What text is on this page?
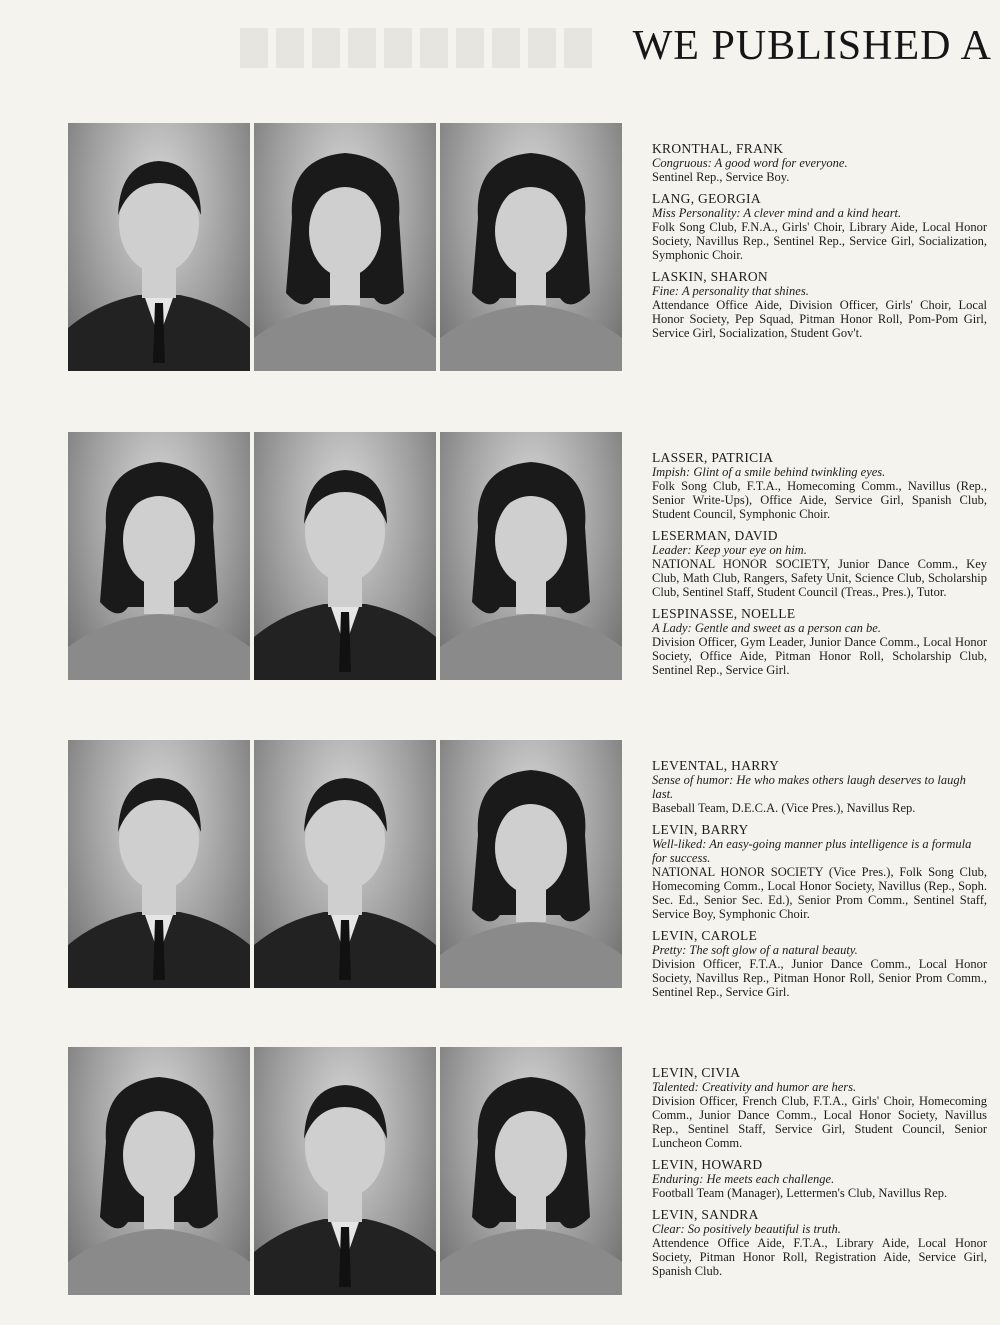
WE PUBLISHED A
KRONTHAL, FRANK
Congruous: A good word for everyone.
Sentinel Rep., Service Boy.
LANG, GEORGIA
Miss Personality: A clever mind and a kind heart.
Folk Song Club, F.N.A., Girls' Choir, Library Aide, Local Honor Society, Navillus Rep., Sentinel Rep., Service Girl, Socialization, Symphonic Choir.
LASKIN, SHARON
Fine: A personality that shines.
Attendance Office Aide, Division Officer, Girls' Choir, Local Honor Society, Pep Squad, Pitman Honor Roll, Pom-Pom Girl, Service Girl, Socialization, Student Gov't.
LASSER, PATRICIA
Impish: Glint of a smile behind twinkling eyes.
Folk Song Club, F.T.A., Homecoming Comm., Navillus (Rep., Senior Write-Ups), Office Aide, Service Girl, Spanish Club, Student Council, Symphonic Choir.
LESERMAN, DAVID
Leader: Keep your eye on him.
NATIONAL HONOR SOCIETY, Junior Dance Comm., Key Club, Math Club, Rangers, Safety Unit, Science Club, Scholarship Club, Sentinel Staff, Student Council (Treas., Pres.), Tutor.
LESPINASSE, NOELLE
A Lady: Gentle and sweet as a person can be.
Division Officer, Gym Leader, Junior Dance Comm., Local Honor Society, Office Aide, Pitman Honor Roll, Scholarship Club, Sentinel Rep., Service Girl.
LEVENTAL, HARRY
Sense of humor: He who makes others laugh deserves to laugh last.
Baseball Team, D.E.C.A. (Vice Pres.), Navillus Rep.
LEVIN, BARRY
Well-liked: An easy-going manner plus intelligence is a formula for success.
NATIONAL HONOR SOCIETY (Vice Pres.), Folk Song Club, Homecoming Comm., Local Honor Society, Navillus (Rep., Soph. Sec. Ed., Senior Sec. Ed.), Senior Prom Comm., Sentinel Staff, Service Boy, Symphonic Choir.
LEVIN, CAROLE
Pretty: The soft glow of a natural beauty.
Division Officer, F.T.A., Junior Dance Comm., Local Honor Society, Navillus Rep., Pitman Honor Roll, Senior Prom Comm., Sentinel Rep., Service Girl.
LEVIN, CIVIA
Talented: Creativity and humor are hers.
Division Officer, French Club, F.T.A., Girls' Choir, Homecoming Comm., Junior Dance Comm., Local Honor Society, Navillus Rep., Sentinel Staff, Service Girl, Student Council, Senior Luncheon Comm.
LEVIN, HOWARD
Enduring: He meets each challenge.
Football Team (Manager), Lettermen's Club, Navillus Rep.
LEVIN, SANDRA
Clear: So positively beautiful is truth.
Attendence Office Aide, F.T.A., Library Aide, Local Honor Society, Pitman Honor Roll, Registration Aide, Service Girl, Spanish Club.
